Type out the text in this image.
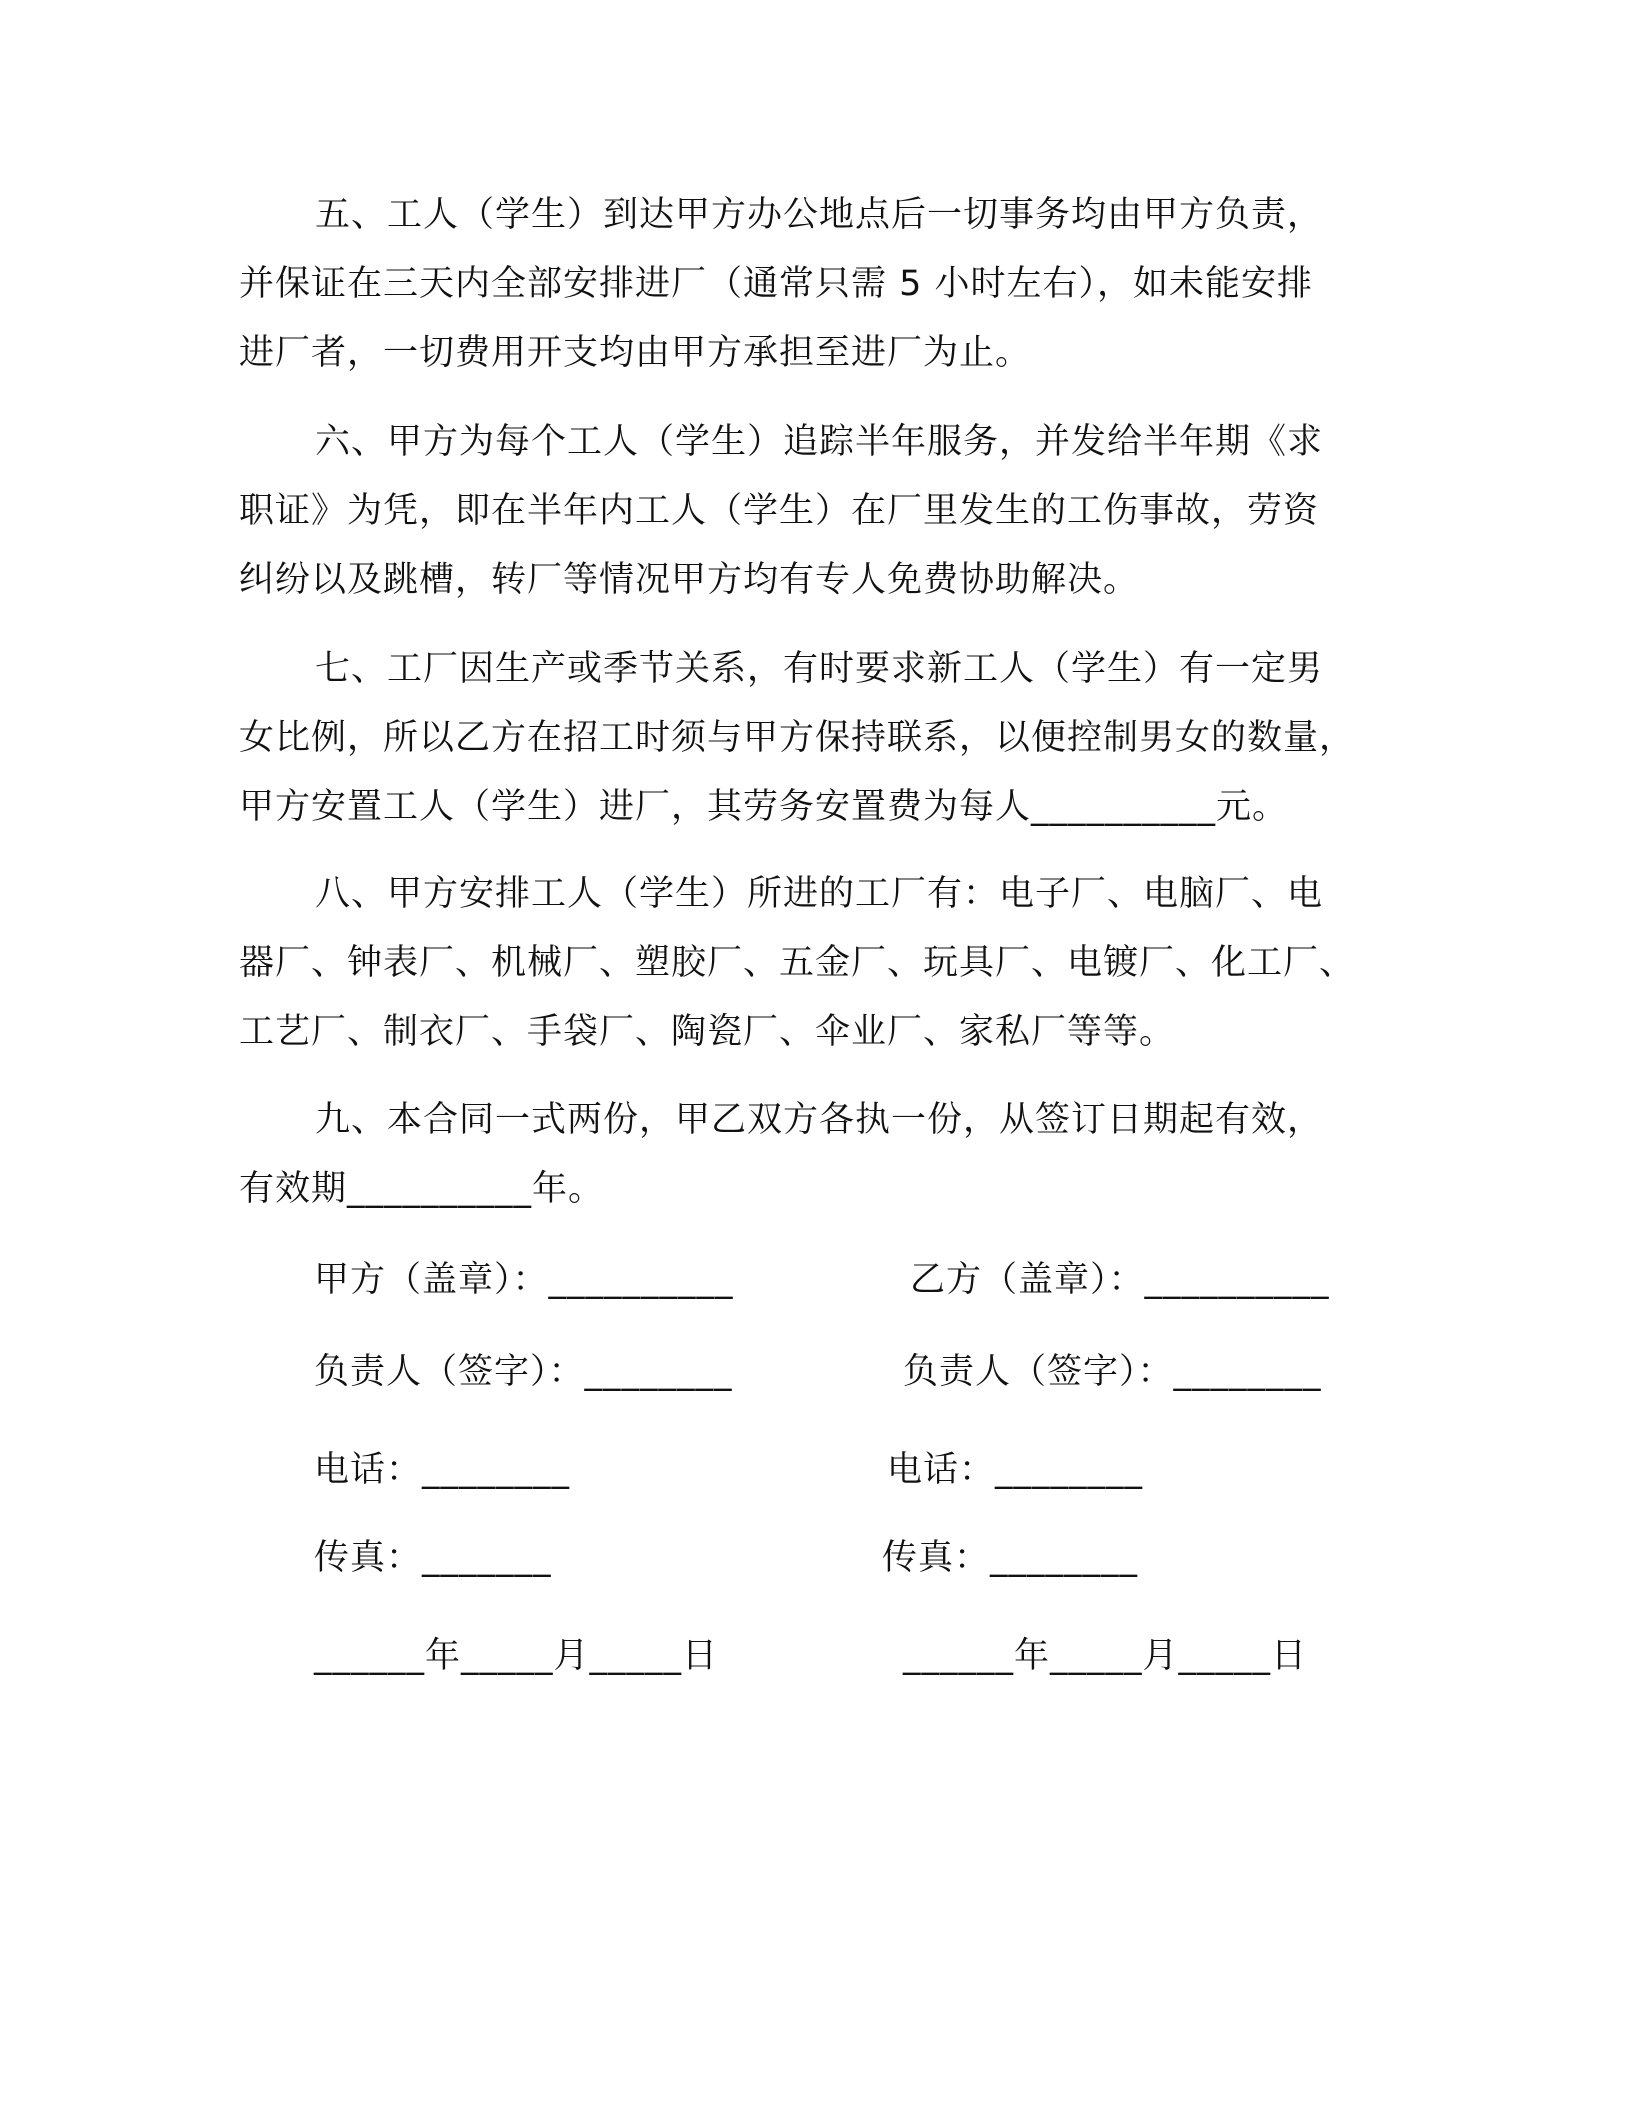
五、工人（学生）到达甲方办公地点后一切事务均由甲方负责，
并保证在三天内全部安排进厂（通常只需 5 小时左右），如未能安排
进厂者，一切费用开支均由甲方承担至进厂为止。
六、甲方为每个工人（学生）追踪半年服务，并发给半年期《求
职证》为凭，即在半年内工人（学生）在厂里发生的工伤事故，劳资
纠纷以及跳槽，转厂等情况甲方均有专人免费协助解决。
七、工厂因生产或季节关系，有时要求新工人（学生）有一定男
女比例，所以乙方在招工时须与甲方保持联系，以便控制男女的数量，
甲方安置工人（学生）进厂，其劳务安置费为每人__________元。
八、甲方安排工人（学生）所进的工厂有：电子厂、电脑厂、电
器厂、钟表厂、机械厂、塑胶厂、五金厂、玩具厂、电镀厂、化工厂、
工艺厂、制衣厂、手袋厂、陶瓷厂、伞业厂、家私厂等等。
九、本合同一式两份，甲乙双方各执一份，从签订日期起有效，
有效期__________年。
甲方（盖章）：__________
负责人（签字）：________
电话：________
传真：_______
______年_____月_____日
乙方（盖章）：__________
负责人（签字）：________
电话：________
传真：________
______年_____月_____日
